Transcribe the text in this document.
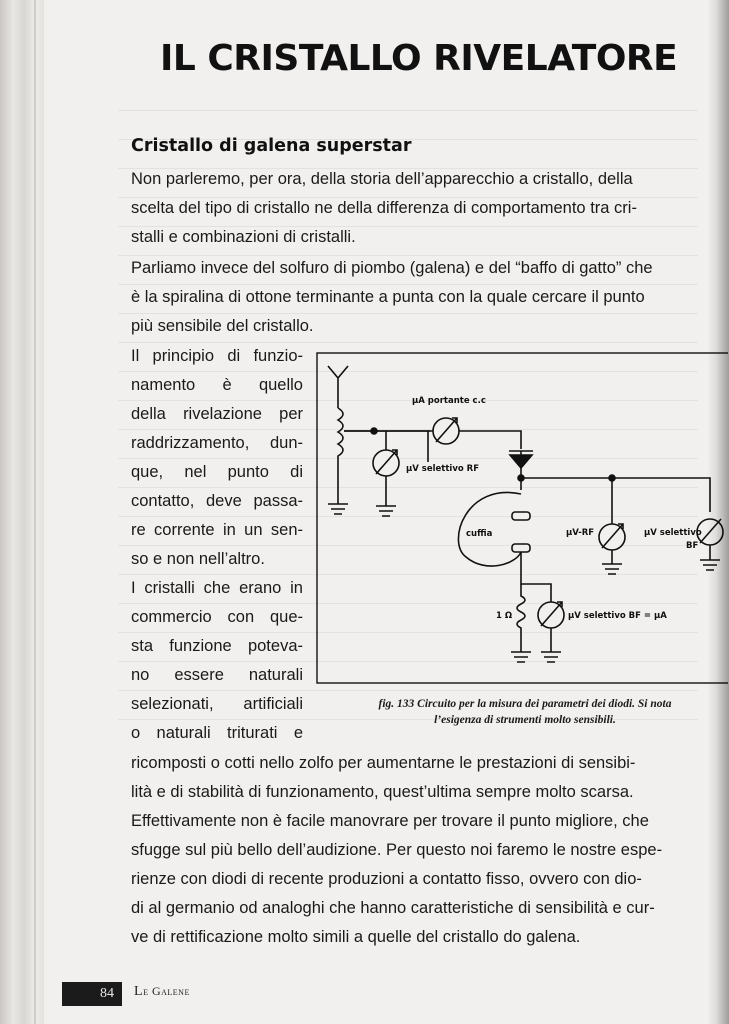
IL CRISTALLO RIVELATORE
Cristallo di galena superstar

Non parleremo, per ora, della storia dell’apparecchio a cristallo, della
scelta del tipo di cristallo ne della differenza di comportamento tra cri-
stalli e combinazioni di cristalli.

Parliamo invece del solfuro di piombo (galena) e del “baffo di gatto” che
è la spiralina di ottone terminante a punta con la quale cercare il punto
più sensibile del cristallo.

Il principio di funzio-
namento è quello
della rivelazione per
raddrizzamento, dun-
que, nel punto di
contatto, deve passa-
re corrente in un sen-
so e non nell’altro.
I cristalli che erano in
commercio con que-
sta funzione poteva-
no essere naturali
selezionati, artificiali
o naturali triturati e

µA portante c.c
µV selettivo RF
cuffia	µV-RF	µV selettivo
BF
1 Ω	µV selettivo BF = µA

fig. 133 Circuito per la misura dei parametri dei diodi. Si nota
l’esigenza di strumenti molto sensibili.

ricomposti o cotti nello zolfo per aumentarne le prestazioni di sensibi-
lità e di stabilità di funzionamento, quest’ultima sempre molto scarsa.
Effettivamente non è facile manovrare per trovare il punto migliore, che
sfugge sul più bello dell’audizione. Per questo noi faremo le nostre espe-
rienze con diodi di recente produzioni a contatto fisso, ovvero con dio-
di al germanio od analoghi che hanno caratteristiche di sensibilità e cur-
ve di rettificazione molto simili a quelle del cristallo do galena.

84	Le Galene
